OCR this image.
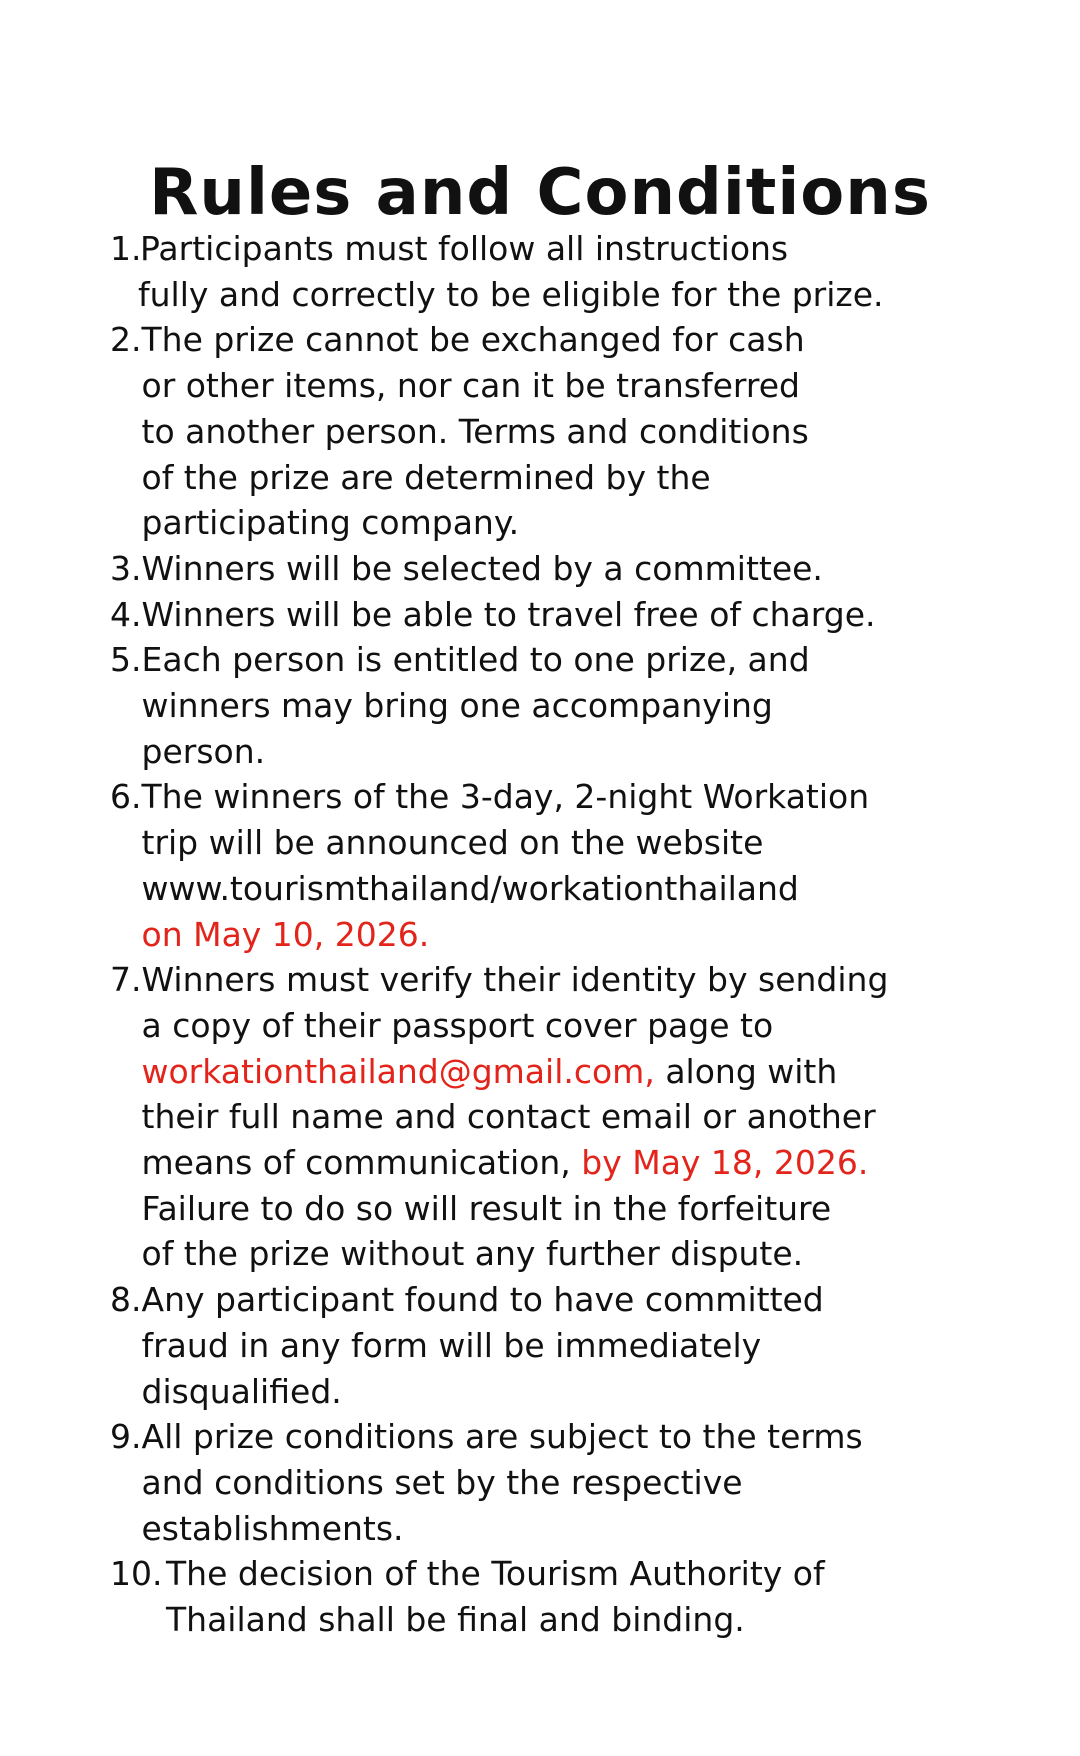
Rules and Conditions
1.
Participants must follow all instructions
fully and correctly to be eligible for the prize.
2. The prize cannot be exchanged for cash
or other items, nor can it be transferred
to another person. Terms and conditions
of the prize are determined by the
participating company.
3. Winners will be selected by a committee.
4. Winners will be able to travel free of charge.
5. Each person is entitled to one prize, and
winners may bring one accompanying
person.
6. The winners of the 3-day, 2-night Workation
trip will be announced on the website
www.tourismthailand/workationthailand
on May 10, 2026.
7. Winners must verify their identity by sending
a copy of their passport cover page to
workationthailand@gmail.com, along with
their full name and contact email or another
means of communication, by May 18, 2026.
Failure to do so will result in the forfeiture
of the prize without any further dispute.
8. Any participant found to have committed
fraud in any form will be immediately
disqualified.
9. All prize conditions are subject to the terms
and conditions set by the respective
establishments.
10. The decision of the Tourism Authority of
Thailand shall be final and binding.
